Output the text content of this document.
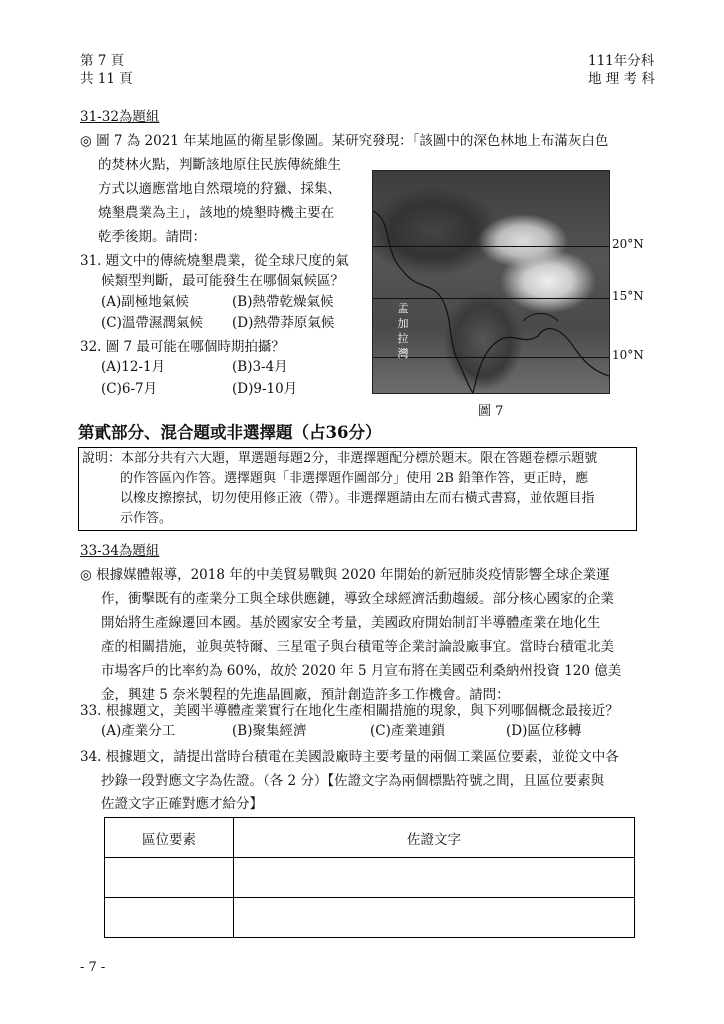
第 7 頁
共 11 頁
111年分科
地 理 考 科
31-32為題組
◎ 圖 7 為 2021 年某地區的衛星影像圖。某研究發現：「該圖中的深色林地上布滿灰白色
的焚林火點，判斷該地原住民族傳統維生
方式以適應當地自然環境的狩獵、採集、
燒墾農業為主」，該地的燒墾時機主要在
乾季後期。請問：
31. 題文中的傳統燒墾農業，從全球尺度的氣
候類型判斷，最可能發生在哪個氣候區？
(A)副極地氣候	(B)熱帶乾燥氣候
(C)溫帶濕潤氣候 (D)熱帶莽原氣候
32. 圖 7 最可能在哪個時期拍攝？
(A)12-1月	(B)3-4月
(C)6-7月	(D)9-10月
孟
加
拉
灣
20°N
15°N
10°N
圖 7
第貳部分、混合題或非選擇題（占36分）
說明：本部分共有六大題，單選題每題2分，非選擇題配分標於題末。限在答題卷標示題號
的作答區內作答。選擇題與「非選擇題作圖部分」使用 2B 鉛筆作答，更正時，應
以橡皮擦擦拭，切勿使用修正液（帶）。非選擇題請由左而右橫式書寫，並依題目指
示作答。
33-34為題組
◎ 根據媒體報導，2018 年的中美貿易戰與 2020 年開始的新冠肺炎疫情影響全球企業運
作，衝擊既有的產業分工與全球供應鏈，導致全球經濟活動趨緩。部分核心國家的企業
開始將生產線遷回本國。基於國家安全考量，美國政府開始制訂半導體產業在地化生
產的相關措施，並與英特爾、三星電子與台積電等企業討論設廠事宜。當時台積電北美
市場客戶的比率約為 60%，故於 2020 年 5 月宣布將在美國亞利桑納州投資 120 億美
金，興建 5 奈米製程的先進晶圓廠，預計創造許多工作機會。請問：
33. 根據題文，美國半導體產業實行在地化生產相關措施的現象，與下列哪個概念最接近？
(A)產業分工	(B)聚集經濟	(C)產業連鎖	(D)區位移轉
34. 根據題文，請提出當時台積電在美國設廠時主要考量的兩個工業區位要素，並從文中各
抄錄一段對應文字為佐證。（各 2 分）【佐證文字為兩個標點符號之間，且區位要素與
佐證文字正確對應才給分】
區位要素	佐證文字

- 7 -
